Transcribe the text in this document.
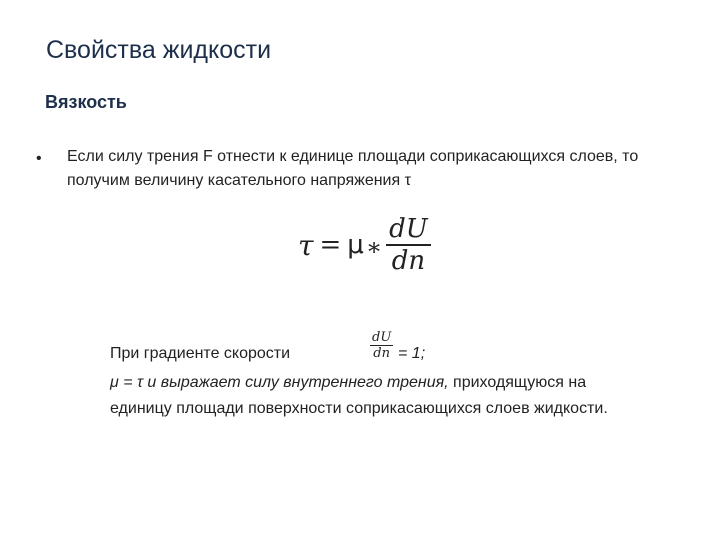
Свойства жидкости
Вязкость
• Если силу трения F отнести к единице площади соприкасающихся слоев, то получим величину касательного напряжения τ
τ = μ ∗ $\frac{dU}{dn}$
При градиенте скорости
dU
dn = 1;
μ = τ и выражает силу внутреннего трения, приходящуюся на
единицу площади поверхности соприкасающихся слоев жидкости.
